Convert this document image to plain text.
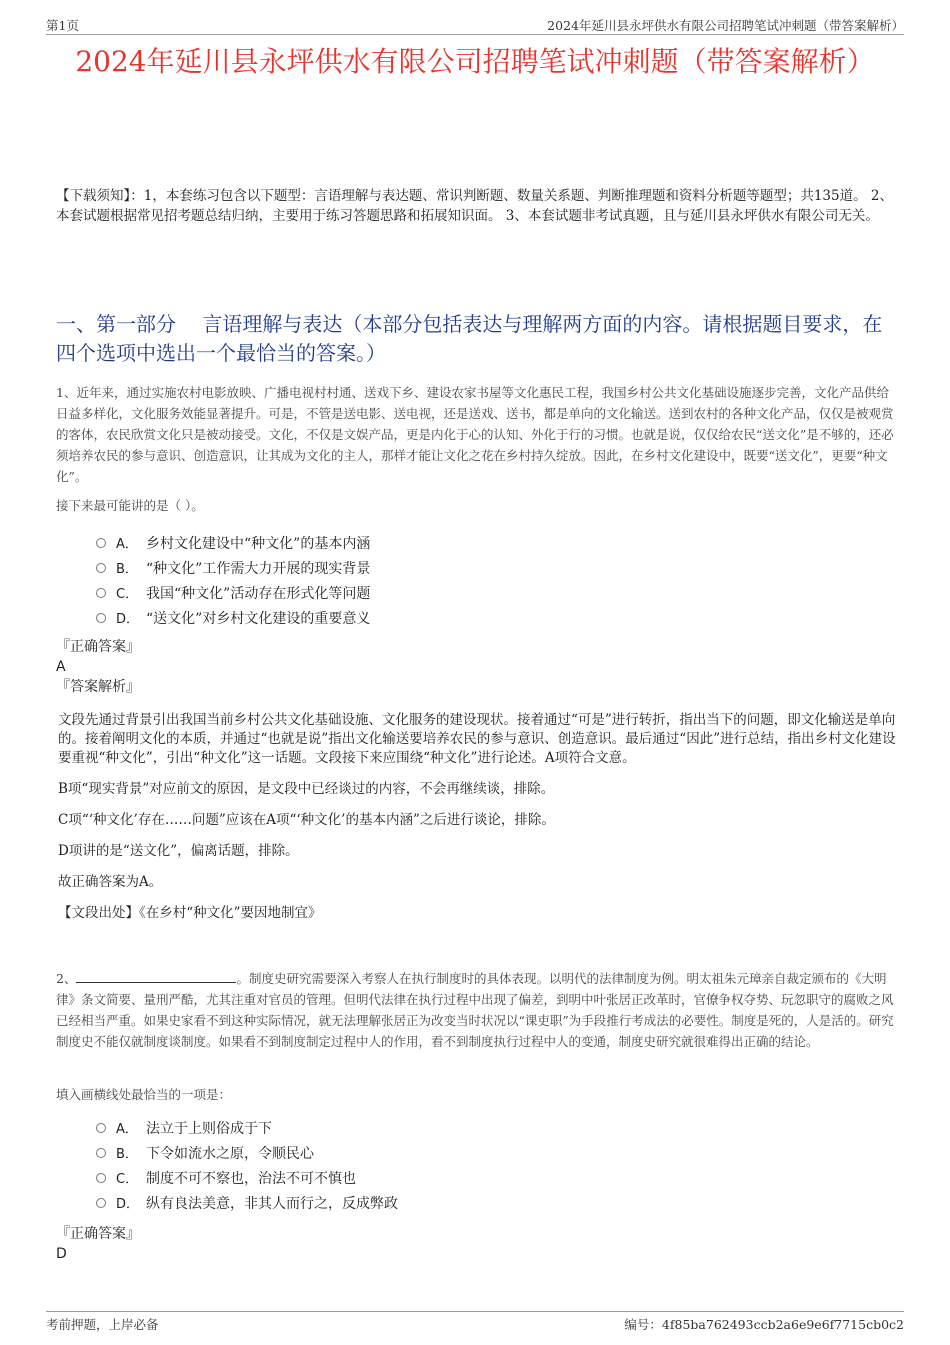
第1页	2024年延川县永坪供水有限公司招聘笔试冲刺题（带答案解析）
2024年延川县永坪供水有限公司招聘笔试冲刺题（带答案解析）

【下载须知】：1，本套练习包含以下题型：言语理解与表达题、常识判断题、数量关系题、判断推理题和资料分析题等题型；共135道。 2、本套试题根据常见招考题总结归纳，主要用于练习答题思路和拓展知识面。 3、本套试题非考试真题，且与延川县永坪供水有限公司无关。

一、第一部分　 言语理解与表达（本部分包括表达与理解两方面的内容。请根据题目要求，在四个选项中选出一个最恰当的答案。）

1、近年来，通过实施农村电影放映、广播电视村村通、送戏下乡、建设农家书屋等文化惠民工程，我国乡村公共文化基础设施逐步完善，文化产品供给日益多样化，文化服务效能显著提升。可是，不管是送电影、送电视，还是送戏、送书，都是单向的文化输送。送到农村的各种文化产品，仅仅是被观赏的客体，农民欣赏文化只是被动接受。文化，不仅是文娱产品，更是内化于心的认知、外化于行的习惯。也就是说，仅仅给农民“送文化”是不够的，还必须培养农民的参与意识、创造意识，让其成为文化的主人，那样才能让文化之花在乡村持久绽放。因此，在乡村文化建设中，既要“送文化”，更要“种文化”。

接下来最可能讲的是（ ）。

A． 乡村文化建设中“种文化”的基本内涵
B． “种文化”工作需大力开展的现实背景
C． 我国“种文化”活动存在形式化等问题
D． “送文化”对乡村文化建设的重要意义

『正确答案』

A

『答案解析』

文段先通过背景引出我国当前乡村公共文化基础设施、文化服务的建设现状。接着通过“可是”进行转折，指出当下的问题，即文化输送是单向的。接着阐明文化的本质，并通过“也就是说”指出文化输送要培养农民的参与意识、创造意识。最后通过“因此”进行总结，指出乡村文化建设要重视“种文化”，引出“种文化”这一话题。文段接下来应围绕“种文化”进行论述。A项符合文意。

B项“现实背景”对应前文的原因，是文段中已经谈过的内容，不会再继续谈，排除。

C项“‘种文化’存在……问题”应该在A项“‘种文化’的基本内涵”之后进行谈论，排除。

D项讲的是“送文化”，偏离话题，排除。

故正确答案为A。

【文段出处】《在乡村“种文化”要因地制宜》

2、	。制度史研究需要深入考察人在执行制度时的具体表现。以明代的法律制度为例。明太祖朱元璋亲自裁定颁布的《大明律》条文简要、量刑严酷，尤其注重对官员的管理。但明代法律在执行过程中出现了偏差，到明中叶张居正改革时，官僚争权夺势、玩忽职守的腐败之风已经相当严重。如果史家看不到这种实际情况，就无法理解张居正为改变当时状况以“课吏职”为手段推行考成法的必要性。制度是死的，人是活的。研究制度史不能仅就制度谈制度。如果看不到制度制定过程中人的作用，看不到制度执行过程中人的变通，制度史研究就很难得出正确的结论。

填入画横线处最恰当的一项是：

A． 法立于上则俗成于下
B． 下令如流水之原，令顺民心
C． 制度不可不察也，治法不可不慎也
D． 纵有良法美意，非其人而行之，反成弊政

『正确答案』

D

考前押题，上岸必备	编号：4f85ba762493ccb2a6e9e6f7715cb0c2
